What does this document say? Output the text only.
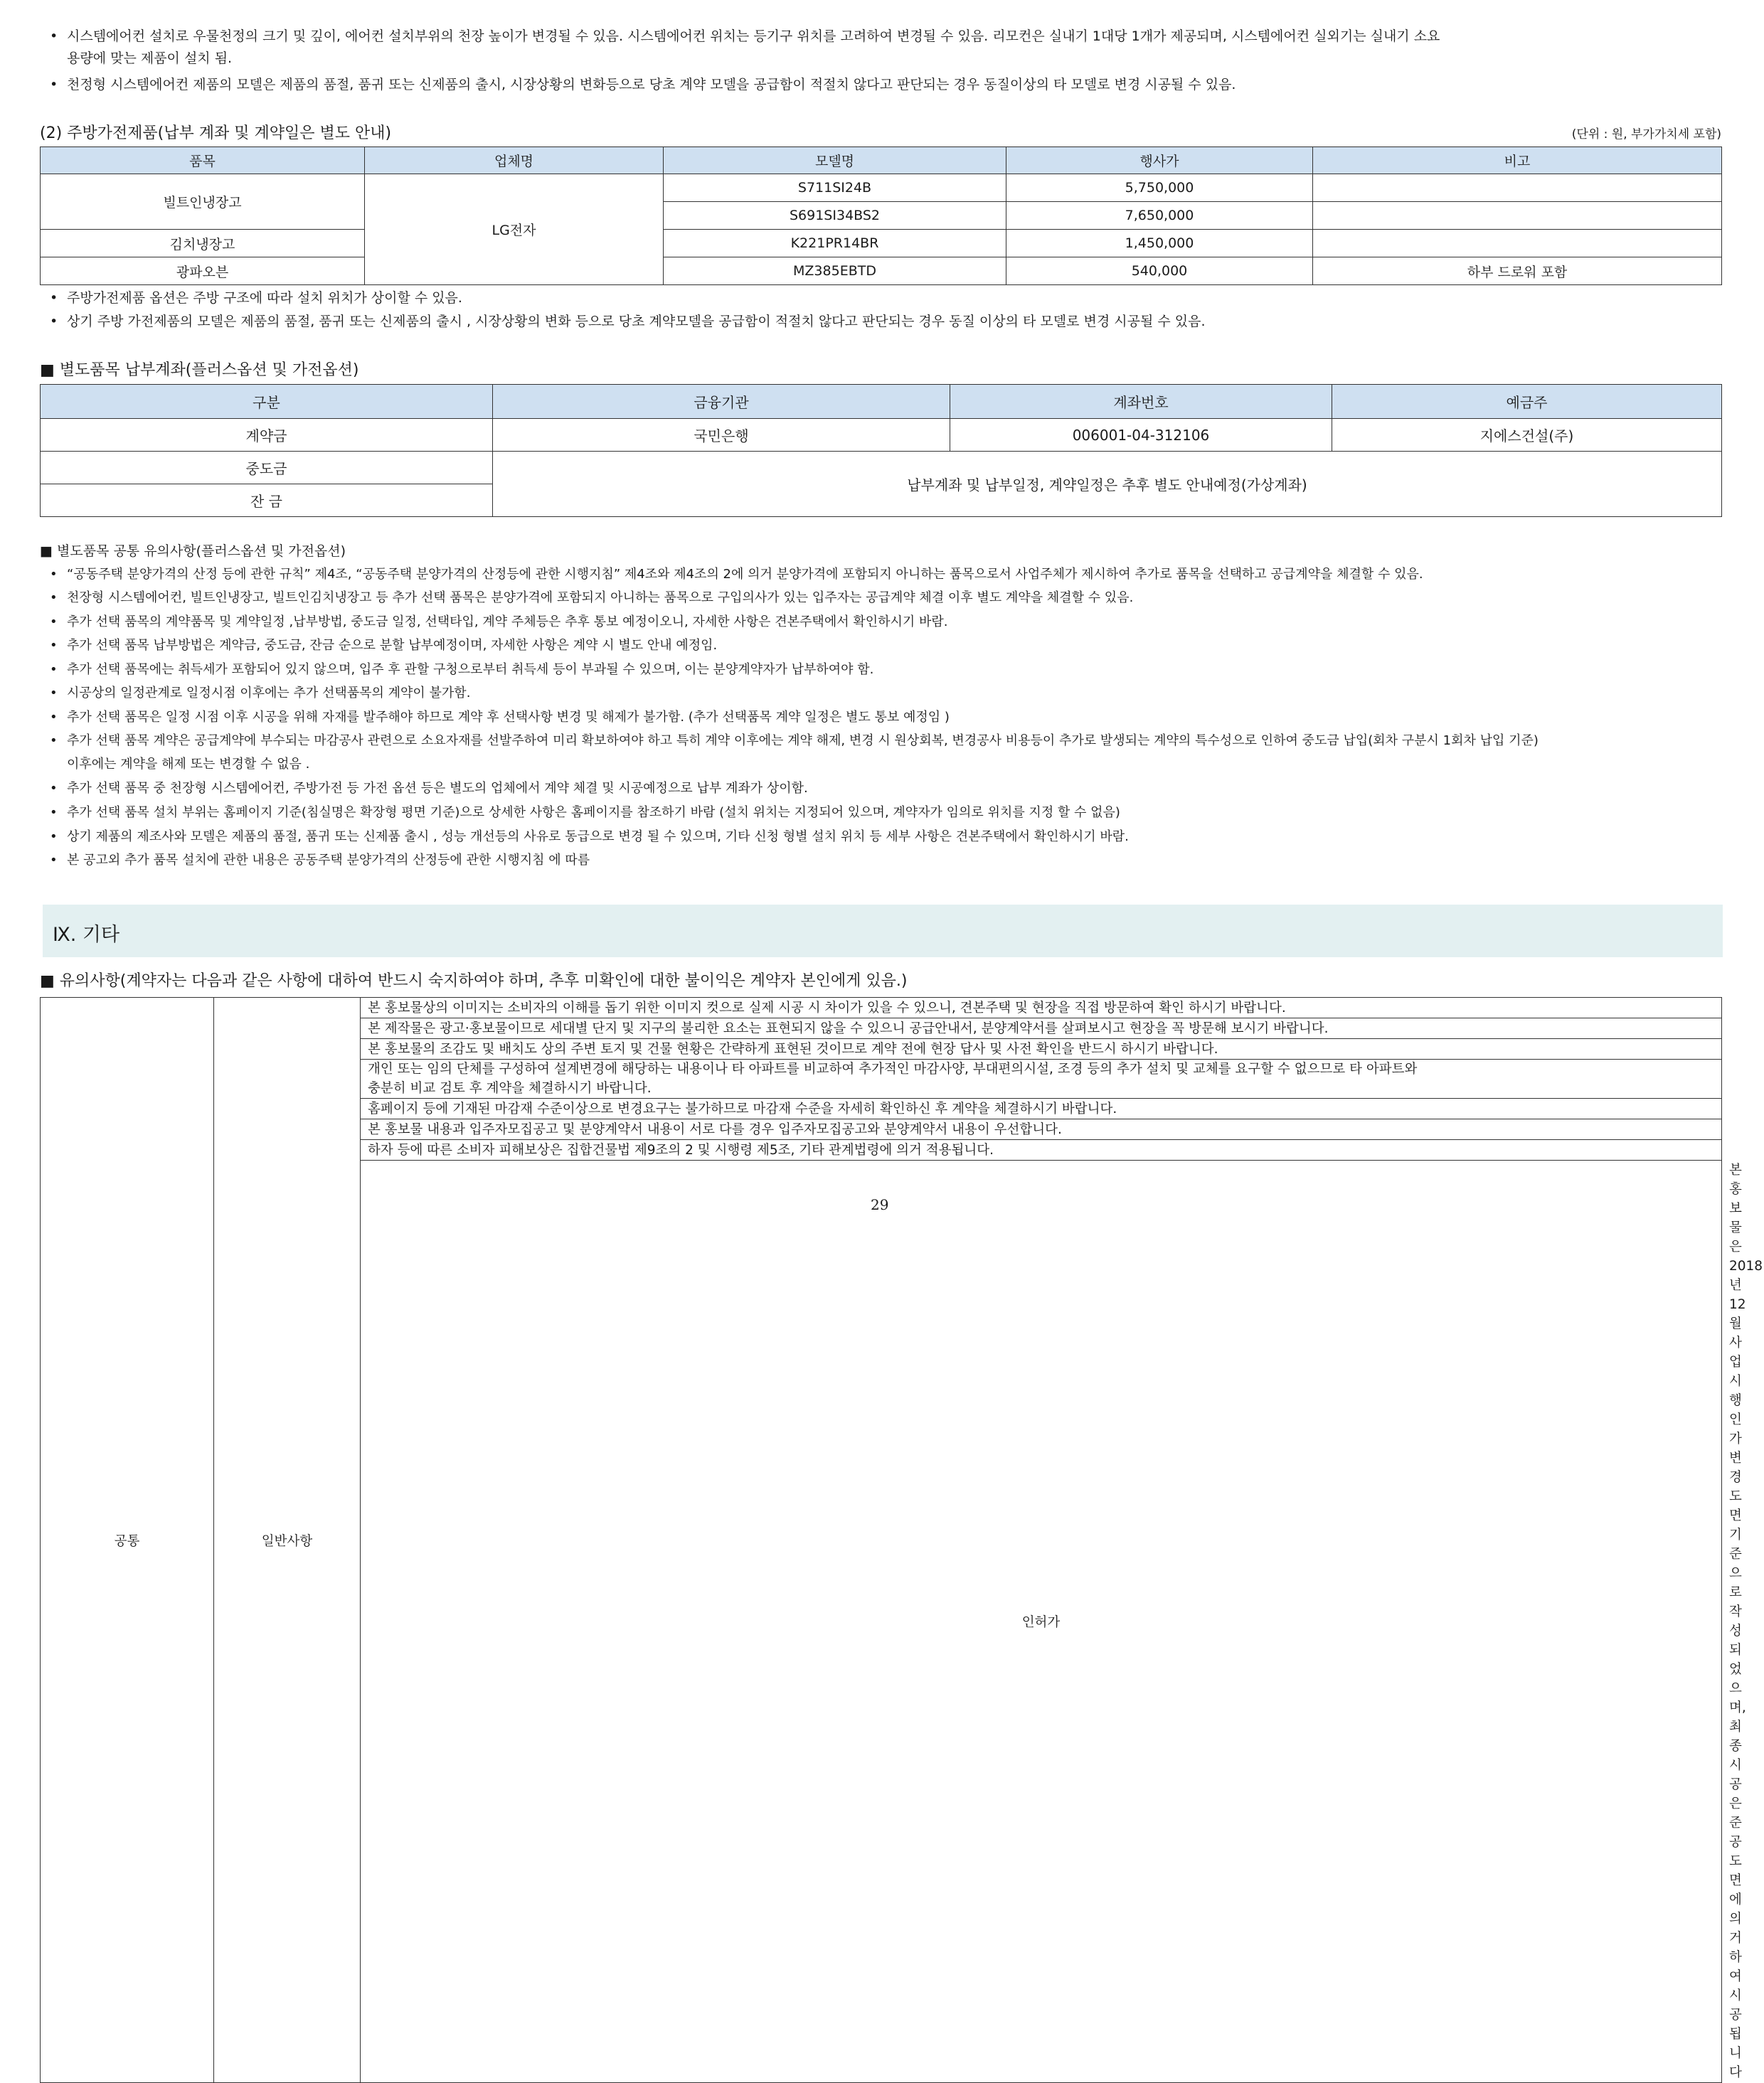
• 시스템에어컨 설치로 우물천정의 크기 및 깊이, 에어컨 설치부위의 천장 높이가 변경될 수 있음. 시스템에어컨 위치는 등기구 위치를 고려하여 변경될 수 있음. 리모컨은 실내기 1대당 1개가 제공되며, 시스템에어컨 실외기는 실내기 소요
용량에 맞는 제품이 설치 됨.
• 천정형 시스템에어컨 제품의 모델은 제품의 품절, 품귀 또는 신제품의 출시, 시장상황의 변화등으로 당초 계약 모델을 공급함이 적절치 않다고 판단되는 경우 동질이상의 타 모델로 변경 시공될 수 있음.
(2) 주방가전제품(납부 계좌 및 계약일은 별도 안내)	(단위 : 원, 부가가치세 포함)
품목	업체명	모델명	행사가	비고
빌트인냉장고	LG전자	S711SI24B	5,750,000	
		S691SI34BS2	7,650,000	
김치냉장고		K221PR14BR	1,450,000	
광파오븐		MZ385EBTD	540,000	하부 드로워 포함
• 주방가전제품 옵션은 주방 구조에 따라 설치 위치가 상이할 수 있음.
• 상기 주방 가전제품의 모델은 제품의 품절, 품귀 또는 신제품의 출시 , 시장상황의 변화 등으로 당초 계약모델을 공급함이 적절치 않다고 판단되는 경우 동질 이상의 타 모델로 변경 시공될 수 있음.
■ 별도품목 납부계좌(플러스옵션 및 가전옵션)
구분	금융기관	계좌번호	예금주
계약금	국민은행	006001-04-312106	지에스건설(주)
중도금	납부계좌 및 납부일정, 계약일정은 추후 별도 안내예정(가상계좌)		
잔 금			
■ 별도품목 공통 유의사항(플러스옵션 및 가전옵션)
• “공동주택 분양가격의 산정 등에 관한 규칙” 제4조, “공동주택 분양가격의 산정등에 관한 시행지침” 제4조와 제4조의 2에 의거 분양가격에 포함되지 아니하는 품목으로서 사업주체가 제시하여 추가로 품목을 선택하고 공급계약을 체결할 수 있음.
• 천장형 시스템에어컨, 빌트인냉장고, 빌트인김치냉장고 등 추가 선택 품목은 분양가격에 포함되지 아니하는 품목으로 구입의사가 있는 입주자는 공급계약 체결 이후 별도 계약을 체결할 수 있음.
• 추가 선택 품목의 계약품목 및 계약일정 ,납부방법, 중도금 일정, 선택타입, 계약 주체등은 추후 통보 예정이오니, 자세한 사항은 견본주택에서 확인하시기 바람.
• 추가 선택 품목 납부방법은 계약금, 중도금, 잔금 순으로 분할 납부예정이며, 자세한 사항은 계약 시 별도 안내 예정임.
• 추가 선택 품목에는 취득세가 포함되어 있지 않으며, 입주 후 관할 구청으로부터 취득세 등이 부과될 수 있으며, 이는 분양계약자가 납부하여야 함.
• 시공상의 일정관계로 일정시점 이후에는 추가 선택품목의 계약이 불가함.
• 추가 선택 품목은 일정 시점 이후 시공을 위해 자재를 발주해야 하므로 계약 후 선택사항 변경 및 해제가 불가함. (추가 선택품목 계약 일정은 별도 통보 예정임 )
• 추가 선택 품목 계약은 공급계약에 부수되는 마감공사 관련으로 소요자재를 선발주하여 미리 확보하여야 하고 특히 계약 이후에는 계약 해제, 변경 시 원상회복, 변경공사 비용등이 추가로 발생되는 계약의 특수성으로 인하여 중도금 납입(회차 구분시 1회차 납입 기준)
이후에는 계약을 해제 또는 변경할 수 없음 .
• 추가 선택 품목 중 천장형 시스템에어컨, 주방가전 등 가전 옵션 등은 별도의 업체에서 계약 체결 및 시공예정으로 납부 계좌가 상이함.
• 추가 선택 품목 설치 부위는 홈페이지 기준(침실명은 확장형 평면 기준)으로 상세한 사항은 홈페이지를 참조하기 바람 (설치 위치는 지정되어 있으며, 계약자가 임의로 위치를 지정 할 수 없음)
• 상기 제품의 제조사와 모델은 제품의 품절, 품귀 또는 신제품 출시 , 성능 개선등의 사유로 동급으로 변경 될 수 있으며, 기타 신청 형별 설치 위치 등 세부 사항은 견본주택에서 확인하시기 바람.
• 본 공고외 추가 품목 설치에 관한 내용은 공동주택 분양가격의 산정등에 관한 시행지침 에 따름
Ⅸ. 기타
■ 유의사항(계약자는 다음과 같은 사항에 대하여 반드시 숙지하여야 하며, 추후 미확인에 대한 불이익은 계약자 본인에게 있음.)
공통	일반사항	본 홍보물상의 이미지는 소비자의 이해를 돕기 위한 이미지 컷으로 실제 시공 시 차이가 있을 수 있으니, 견본주택 및 현장을 직접 방문하여 확인 하시기 바랍니다.	
		본 제작물은 광고·홍보물이므로 세대별 단지 및 지구의 불리한 요소는 표현되지 않을 수 있으니 공급안내서, 분양계약서를 살펴보시고 현장을 꼭 방문해 보시기 바랍니다.	
		본 홍보물의 조감도 및 배치도 상의 주변 토지 및 건물 현황은 간략하게 표현된 것이므로 계약 전에 현장 답사 및 사전 확인을 반드시 하시기 바랍니다.	

		개인 또는 임의 단체를 구성하여 설계변경에 해당하는 내용이나 타 아파트를 비교하여 추가적인 마감사양, 부대편의시설, 조경 등의 추가 설치 및 교체를 요구할 수 없으므로 타 아파트와
충분히 비교 검토 후 계약을 체결하시기 바랍니다.	

		홈페이지 등에 기재된 마감재 수준이상으로 변경요구는 불가하므로 마감재 수준을 자세히 확인하신 후 계약을 체결하시기 바랍니다.	
		본 홍보물 내용과 입주자모집공고 및 분양계약서 내용이 서로 다를 경우 입주자모집공고와 분양계약서 내용이 우선합니다.	
		하자 등에 따른 소비자 피해보상은 집합건물법 제9조의 2 및 시행령 제5조, 기타 관계법령에 의거 적용됩니다.	
		인허가	본 홍보물은 2018년 12월 사업시행인가 변경 도면 기준으로 작성되었으며, 최종 시공은 준공 도면에 의거하여 시공됩니다
29
